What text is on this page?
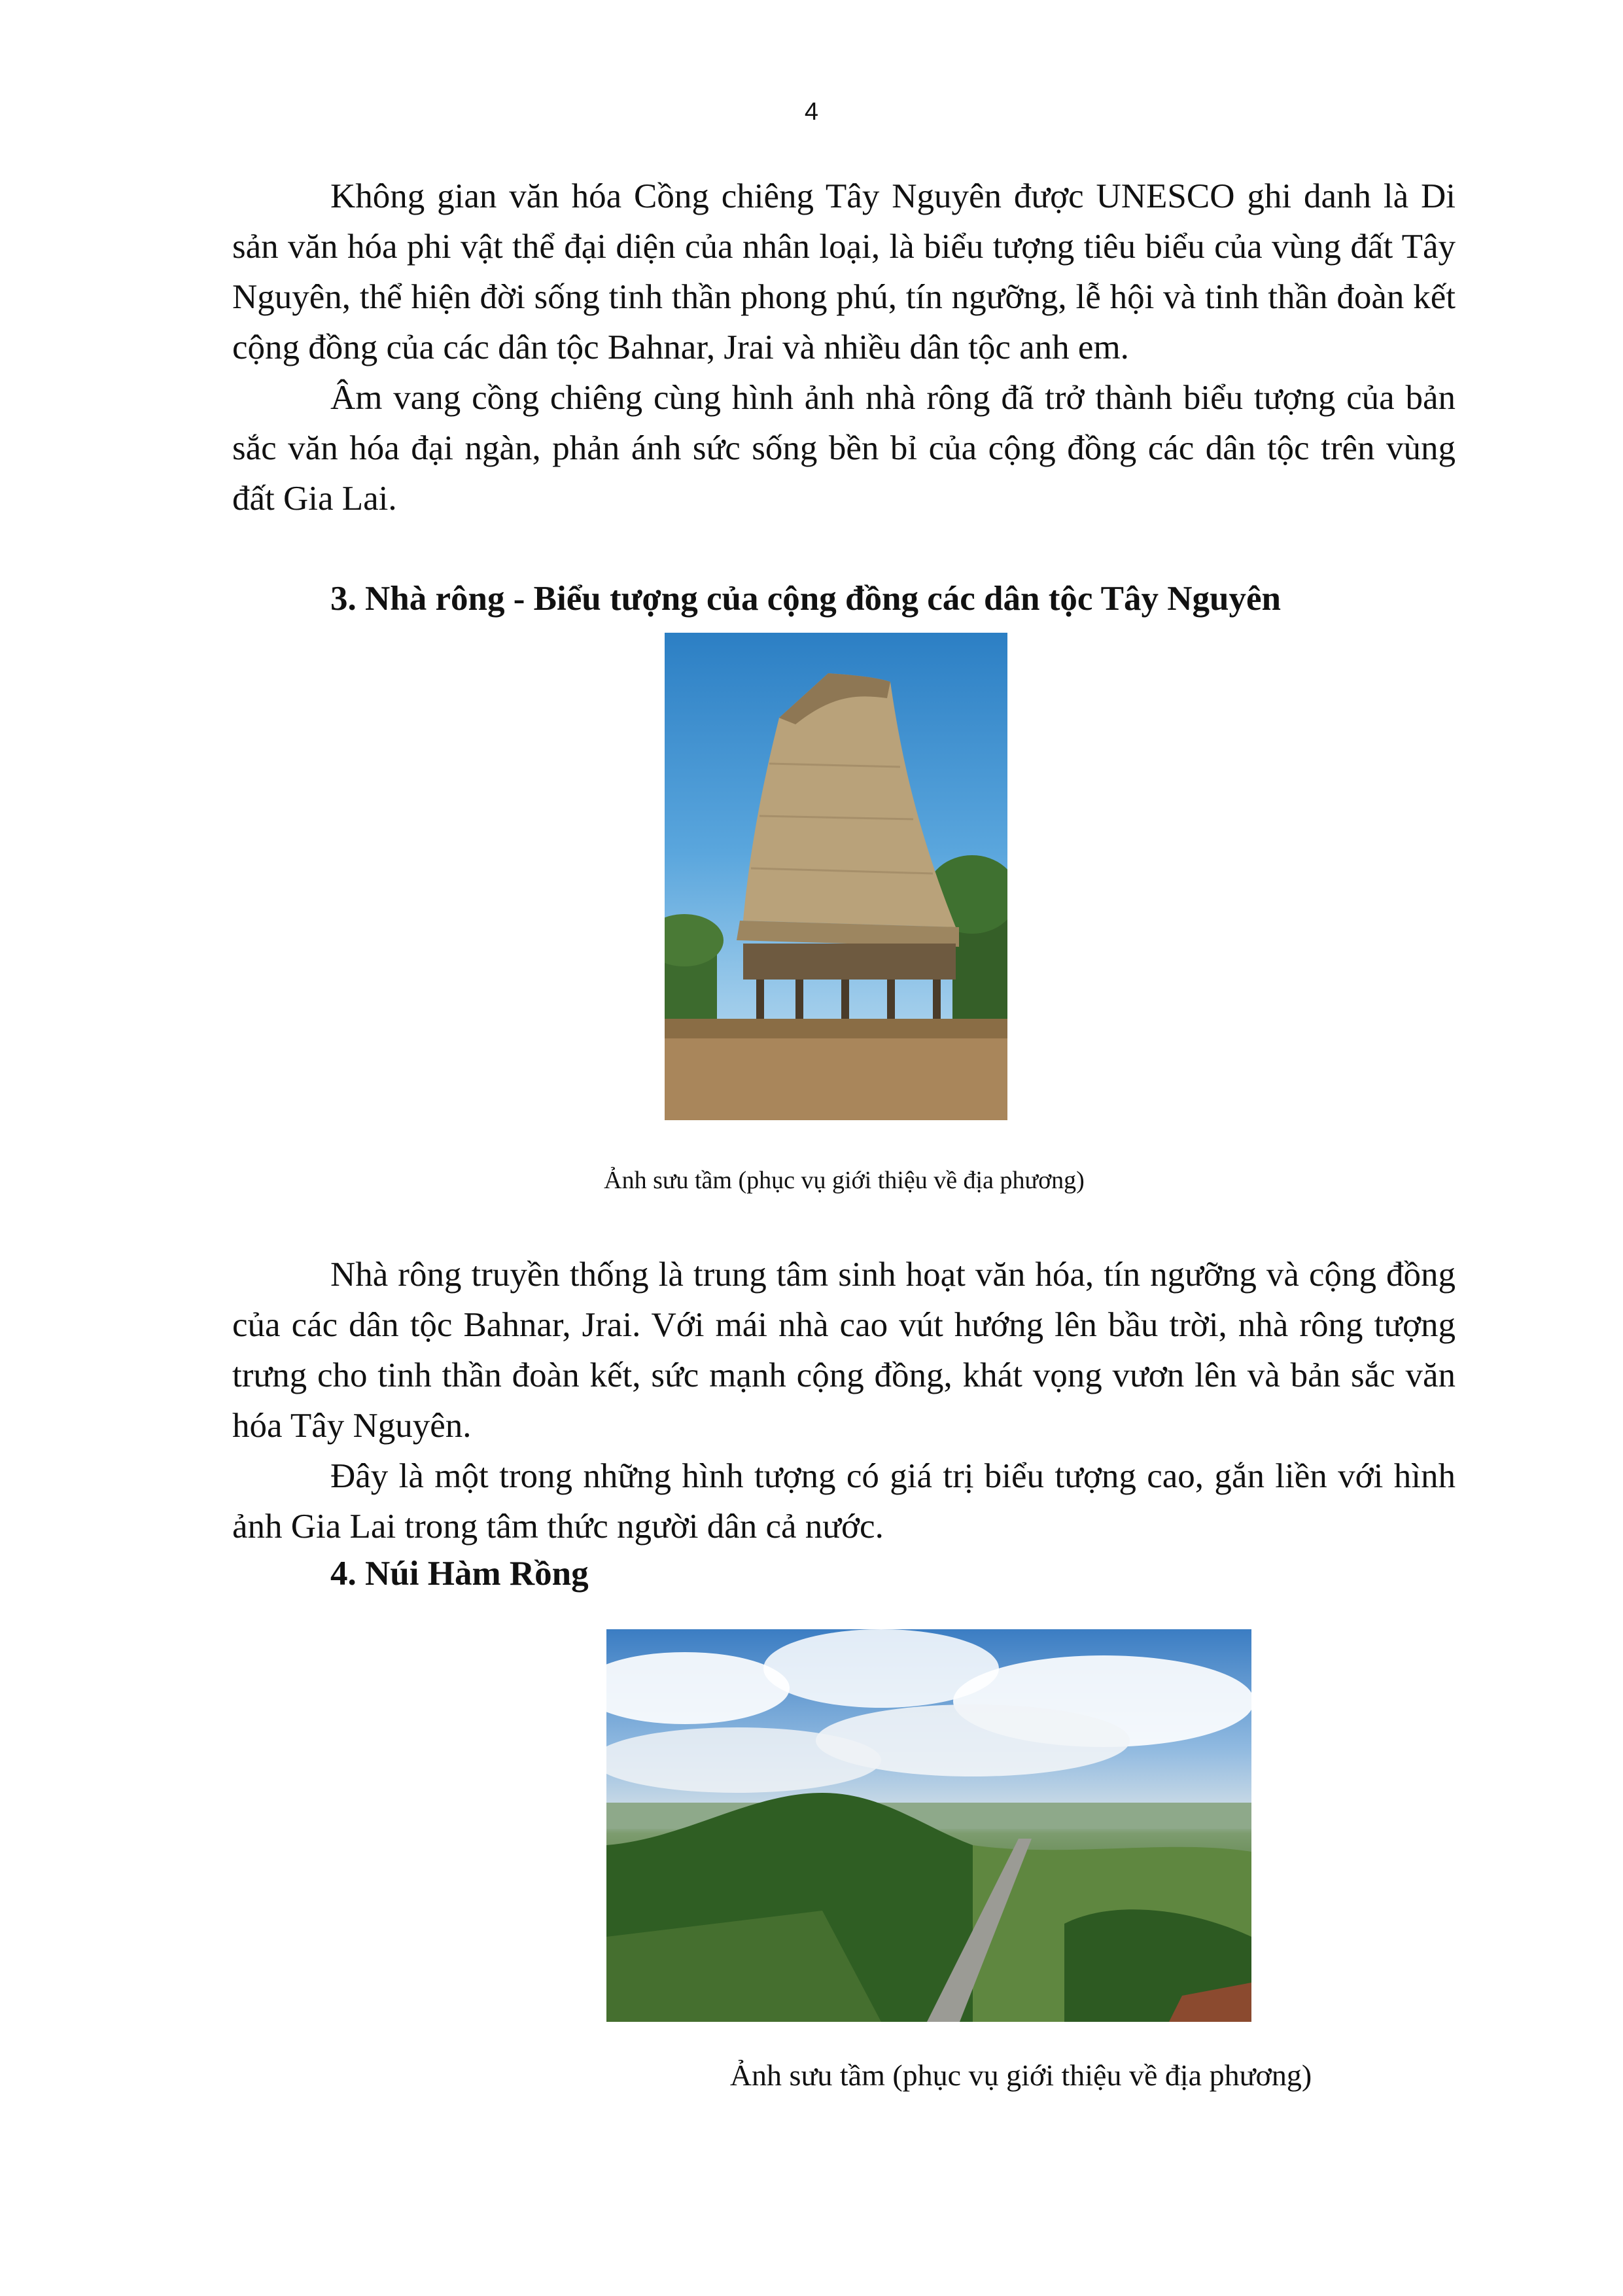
4

Không gian văn hóa Cồng chiêng Tây Nguyên được UNESCO ghi danh là Di sản văn hóa phi vật thể đại diện của nhân loại, là biểu tượng tiêu biểu của vùng đất Tây Nguyên, thể hiện đời sống tinh thần phong phú, tín ngưỡng, lễ hội và tinh thần đoàn kết cộng đồng của các dân tộc Bahnar, Jrai và nhiều dân tộc anh em.

Âm vang cồng chiêng cùng hình ảnh nhà rông đã trở thành biểu tượng của bản sắc văn hóa đại ngàn, phản ánh sức sống bền bỉ của cộng đồng các dân tộc trên vùng đất Gia Lai.

3. Nhà rông - Biểu tượng của cộng đồng các dân tộc Tây Nguyên

Ảnh sưu tầm (phục vụ giới thiệu về địa phương)

Nhà rông truyền thống là trung tâm sinh hoạt văn hóa, tín ngưỡng và cộng đồng của các dân tộc Bahnar, Jrai. Với mái nhà cao vút hướng lên bầu trời, nhà rông tượng trưng cho tinh thần đoàn kết, sức mạnh cộng đồng, khát vọng vươn lên và bản sắc văn hóa Tây Nguyên.

Đây là một trong những hình tượng có giá trị biểu tượng cao, gắn liền với hình ảnh Gia Lai trong tâm thức người dân cả nước.

4. Núi Hàm Rồng

Ảnh sưu tầm (phục vụ giới thiệu về địa phương)
